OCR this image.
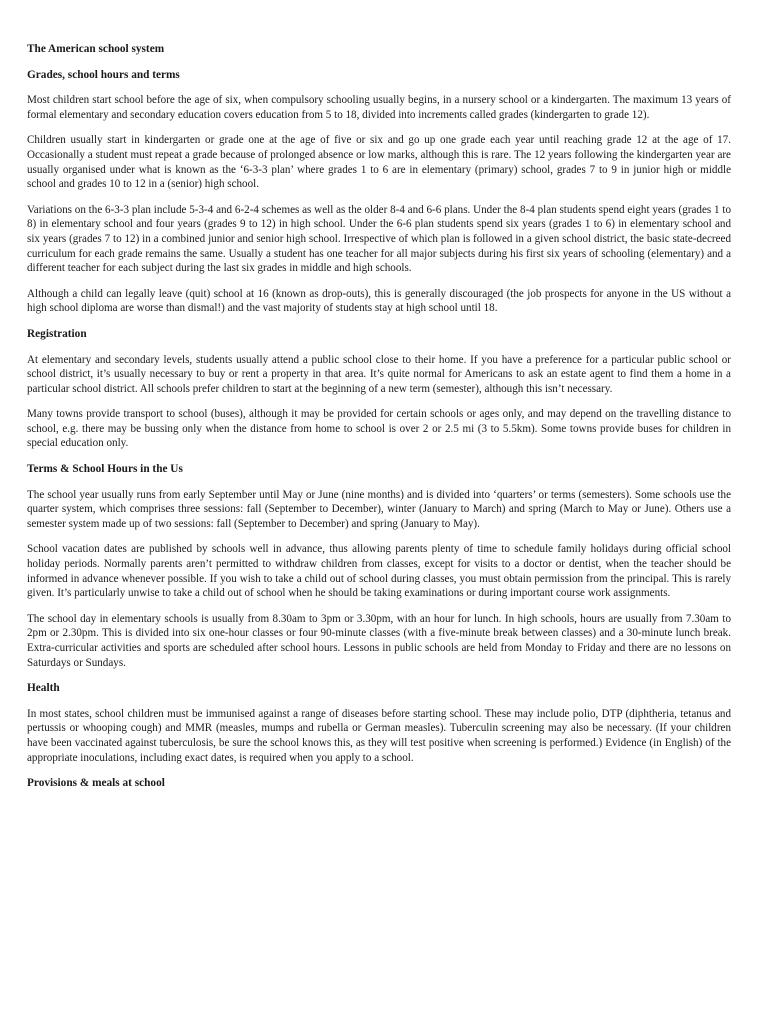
The American school system
Grades, school hours and terms

Most children start school before the age of six, when compulsory schooling usually begins, in a nursery school or a kindergarten. The maximum 13 years of formal elementary and secondary education covers education from 5 to 18, divided into increments called grades (kindergarten to grade 12).

Children usually start in kindergarten or grade one at the age of five or six and go up one grade each year until reaching grade 12 at the age of 17. Occasionally a student must repeat a grade because of prolonged absence or low marks, although this is rare. The 12 years following the kindergarten year are usually organised under what is known as the ‘6-3-3 plan’ where grades 1 to 6 are in elementary (primary) school, grades 7 to 9 in junior high or middle school and grades 10 to 12 in a (senior) high school.

Variations on the 6-3-3 plan include 5-3-4 and 6-2-4 schemes as well as the older 8-4 and 6-6 plans. Under the 8-4 plan students spend eight years (grades 1 to 8) in elementary school and four years (grades 9 to 12) in high school. Under the 6-6 plan students spend six years (grades 1 to 6) in elementary school and six years (grades 7 to 12) in a combined junior and senior high school. Irrespective of which plan is followed in a given school district, the basic state-decreed curriculum for each grade remains the same. Usually a student has one teacher for all major subjects during his first six years of schooling (elementary) and a different teacher for each subject during the last six grades in middle and high schools.

Although a child can legally leave (quit) school at 16 (known as drop-outs), this is generally discouraged (the job prospects for anyone in the US without a high school diploma are worse than dismal!) and the vast majority of students stay at high school until 18.

Registration

At elementary and secondary levels, students usually attend a public school close to their home. If you have a preference for a particular public school or school district, it’s usually necessary to buy or rent a property in that area. It’s quite normal for Americans to ask an estate agent to find them a home in a particular school district. All schools prefer children to start at the beginning of a new term (semester), although this isn’t necessary.

Many towns provide transport to school (buses), although it may be provided for certain schools or ages only, and may depend on the travelling distance to school, e.g. there may be bussing only when the distance from home to school is over 2 or 2.5 mi (3 to 5.5km). Some towns provide buses for children in special education only.

Terms & School Hours in the Us

The school year usually runs from early September until May or June (nine months) and is divided into ‘quarters’ or terms (semesters). Some schools use the quarter system, which comprises three sessions: fall (September to December), winter (January to March) and spring (March to May or June). Others use a semester system made up of two sessions: fall (September to December) and spring (January to May).

School vacation dates are published by schools well in advance, thus allowing parents plenty of time to schedule family holidays during official school holiday periods. Normally parents aren’t permitted to withdraw children from classes, except for visits to a doctor or dentist, when the teacher should be informed in advance whenever possible. If you wish to take a child out of school during classes, you must obtain permission from the principal. This is rarely given. It’s particularly unwise to take a child out of school when he should be taking examinations or during important course work assignments.

The school day in elementary schools is usually from 8.30am to 3pm or 3.30pm, with an hour for lunch. In high schools, hours are usually from 7.30am to 2pm or 2.30pm. This is divided into six one-hour classes or four 90-minute classes (with a five-minute break between classes) and a 30-minute lunch break. Extra-curricular activities and sports are scheduled after school hours. Lessons in public schools are held from Monday to Friday and there are no lessons on Saturdays or Sundays.

Health

In most states, school children must be immunised against a range of diseases before starting school. These may include polio, DTP (diphtheria, tetanus and pertussis or whooping cough) and MMR (measles, mumps and rubella or German measles). Tuberculin screening may also be necessary. (If your children have been vaccinated against tuberculosis, be sure the school knows this, as they will test positive when screening is performed.) Evidence (in English) of the appropriate inoculations, including exact dates, is required when you apply to a school.

Provisions & meals at school
